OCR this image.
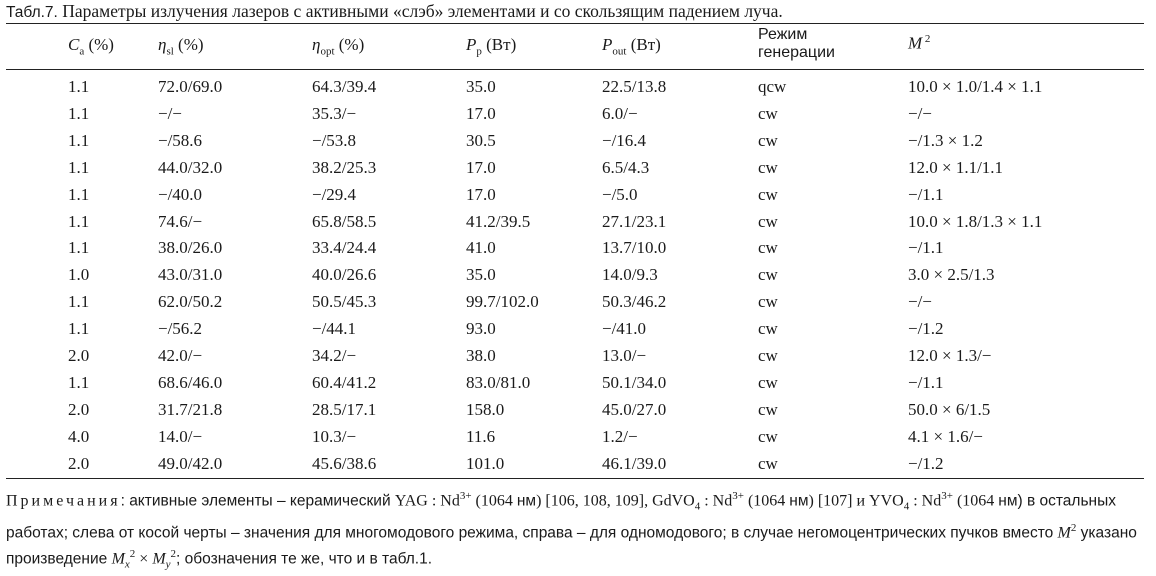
Табл.7. Параметры излучения лазеров с активными «слэб» элементами и со скользящим падением луча.
$C_a$ (%)	$\eta_{sl}$ (%)	$\eta_{opt}$ (%)	$P_p$ (Вт)	$P_{out}$ (Вт)
Режим
генерации	M $^2$
1.1	72.0/69.0	64.3/39.4	35.0	22.5/13.8	qcw	10.0 × 1.0/1.4 × 1.1
1.1	−/−	35.3/−	17.0	6.0/−	cw	−/−
1.1	−/58.6	−/53.8	30.5	−/16.4	cw	−/1.3 × 1.2
1.1	44.0/32.0	38.2/25.3	17.0	6.5/4.3	cw	12.0 × 1.1/1.1
1.1	−/40.0	−/29.4	17.0	−/5.0	cw	−/1.1
1.1	74.6/−	65.8/58.5	41.2/39.5	27.1/23.1	cw	10.0 × 1.8/1.3 × 1.1
1.1	38.0/26.0	33.4/24.4	41.0	13.7/10.0	cw	−/1.1
1.0	43.0/31.0	40.0/26.6	35.0	14.0/9.3	cw	3.0 × 2.5/1.3
1.1	62.0/50.2	50.5/45.3	99.7/102.0	50.3/46.2	cw	−/−
1.1	−/56.2	−/44.1	93.0	−/41.0	cw	−/1.2
2.0	42.0/−	34.2/−	38.0	13.0/−	cw	12.0 × 1.3/−
1.1	68.6/46.0	60.4/41.2	83.0/81.0	50.1/34.0	cw	−/1.1
2.0	31.7/21.8	28.5/17.1	158.0	45.0/27.0	cw	50.0 × 6/1.5
4.0	14.0/−	10.3/−	11.6	1.2/−	cw	4.1 × 1.6/−
2.0	49.0/42.0	45.6/38.6	101.0	46.1/39.0	cw	−/1.2
Примечания: активные элементы – керамический YAG : $Nd^{3+}$ (1064 нм) [106, 108, 109], GdVO$_4$ : $Nd^{3+}$ (1064 нм) [107] и $YVO_4$ : $Nd^{3+}$ (1064 нм) в остальных работах; слева от косой черты – значения для многомодового режима, справа – для одномодового; в случае негомоцентрических пучков вместо $M^2$ указано произведение $M_x^2 \times M_y^2$; обозначения те же, что и в табл.1.
